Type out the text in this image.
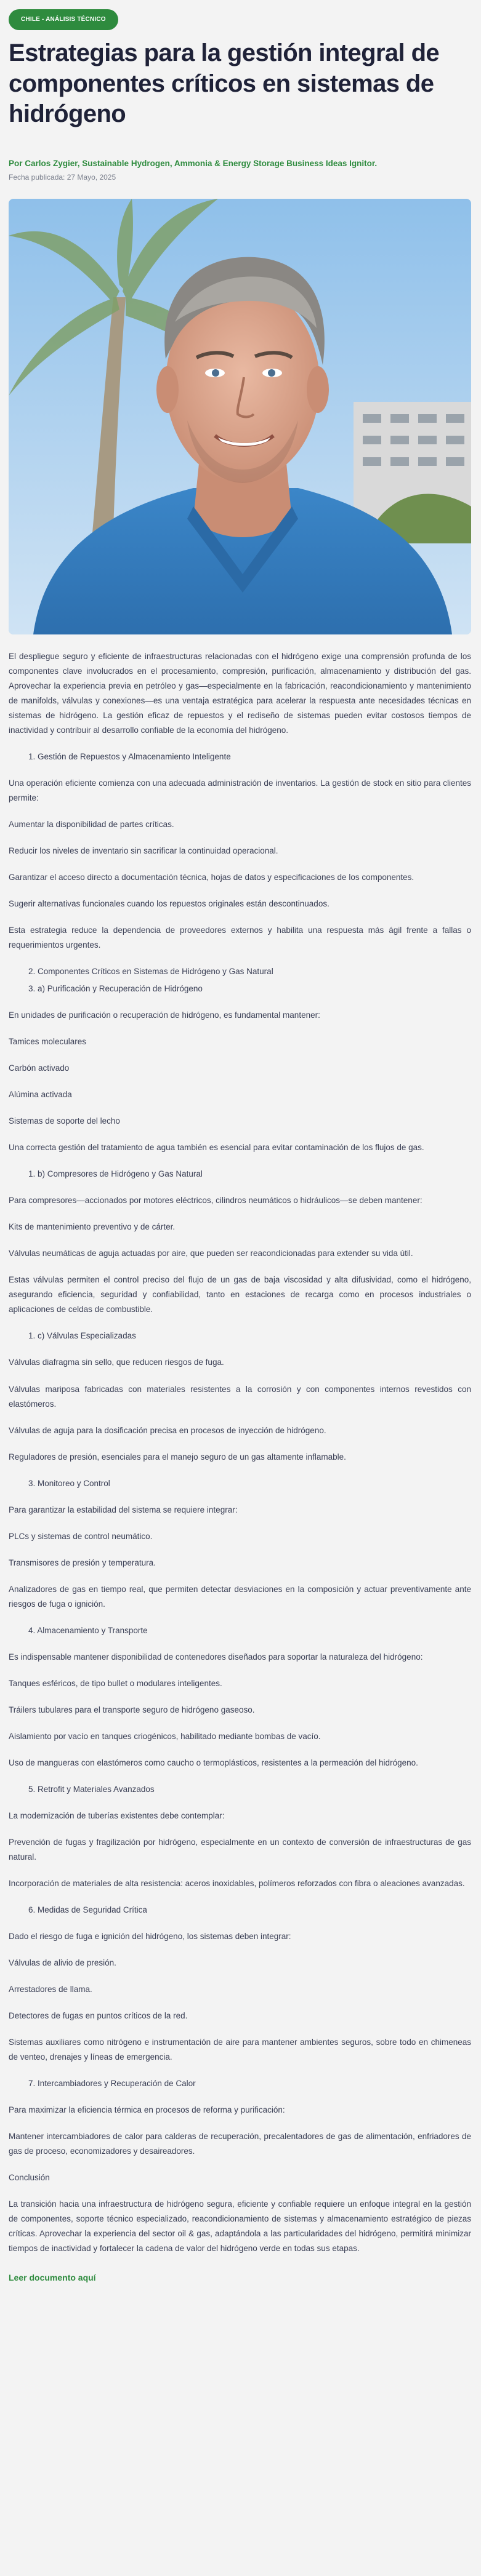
CHILE - ANÁLISIS TÉCNICO
Estrategias para la gestión integral de componentes críticos en sistemas de hidrógeno
Por Carlos Zygier, Sustainable Hydrogen, Ammonia & Energy Storage Business Ideas Ignitor.
Fecha publicada: 27 Mayo, 2025

El despliegue seguro y eficiente de infraestructuras relacionadas con el hidrógeno exige una comprensión profunda de los componentes clave involucrados en el procesamiento, compresión, purificación, almacenamiento y distribución del gas. Aprovechar la experiencia previa en petróleo y gas—especialmente en la fabricación, reacondicionamiento y mantenimiento de manifolds, válvulas y conexiones—es una ventaja estratégica para acelerar la respuesta ante necesidades técnicas en sistemas de hidrógeno. La gestión eficaz de repuestos y el rediseño de sistemas pueden evitar costosos tiempos de inactividad y contribuir al desarrollo confiable de la economía del hidrógeno.

1. Gestión de Repuestos y Almacenamiento Inteligente

Una operación eficiente comienza con una adecuada administración de inventarios. La gestión de stock en sitio para clientes permite:

Aumentar la disponibilidad de partes críticas.

Reducir los niveles de inventario sin sacrificar la continuidad operacional.

Garantizar el acceso directo a documentación técnica, hojas de datos y especificaciones de los componentes.

Sugerir alternativas funcionales cuando los repuestos originales están descontinuados.

Esta estrategia reduce la dependencia de proveedores externos y habilita una respuesta más ágil frente a fallas o requerimientos urgentes.

2. Componentes Críticos en Sistemas de Hidrógeno y Gas Natural

3. a) Purificación y Recuperación de Hidrógeno

En unidades de purificación o recuperación de hidrógeno, es fundamental mantener:

Tamices moleculares

Carbón activado

Alúmina activada

Sistemas de soporte del lecho

Una correcta gestión del tratamiento de agua también es esencial para evitar contaminación de los flujos de gas.

1. b) Compresores de Hidrógeno y Gas Natural

Para compresores—accionados por motores eléctricos, cilindros neumáticos o hidráulicos—se deben mantener:

Kits de mantenimiento preventivo y de cárter.

Válvulas neumáticas de aguja actuadas por aire, que pueden ser reacondicionadas para extender su vida útil.

Estas válvulas permiten el control preciso del flujo de un gas de baja viscosidad y alta difusividad, como el hidrógeno, asegurando eficiencia, seguridad y confiabilidad, tanto en estaciones de recarga como en procesos industriales o aplicaciones de celdas de combustible.

1. c) Válvulas Especializadas

Válvulas diafragma sin sello, que reducen riesgos de fuga.

Válvulas mariposa fabricadas con materiales resistentes a la corrosión y con componentes internos revestidos con elastómeros.

Válvulas de aguja para la dosificación precisa en procesos de inyección de hidrógeno.

Reguladores de presión, esenciales para el manejo seguro de un gas altamente inflamable.

3. Monitoreo y Control

Para garantizar la estabilidad del sistema se requiere integrar:

PLCs y sistemas de control neumático.

Transmisores de presión y temperatura.

Analizadores de gas en tiempo real, que permiten detectar desviaciones en la composición y actuar preventivamente ante riesgos de fuga o ignición.

4. Almacenamiento y Transporte

Es indispensable mantener disponibilidad de contenedores diseñados para soportar la naturaleza del hidrógeno:

Tanques esféricos, de tipo bullet o modulares inteligentes.

Tráilers tubulares para el transporte seguro de hidrógeno gaseoso.

Aislamiento por vacío en tanques criogénicos, habilitado mediante bombas de vacío.

Uso de mangueras con elastómeros como caucho o termoplásticos, resistentes a la permeación del hidrógeno.

5. Retrofit y Materiales Avanzados

La modernización de tuberías existentes debe contemplar:

Prevención de fugas y fragilización por hidrógeno, especialmente en un contexto de conversión de infraestructuras de gas natural.

Incorporación de materiales de alta resistencia: aceros inoxidables, polímeros reforzados con fibra o aleaciones avanzadas.

6. Medidas de Seguridad Crítica

Dado el riesgo de fuga e ignición del hidrógeno, los sistemas deben integrar:

Válvulas de alivio de presión.

Arrestadores de llama.

Detectores de fugas en puntos críticos de la red.

Sistemas auxiliares como nitrógeno e instrumentación de aire para mantener ambientes seguros, sobre todo en chimeneas de venteo, drenajes y líneas de emergencia.

7. Intercambiadores y Recuperación de Calor

Para maximizar la eficiencia térmica en procesos de reforma y purificación:

Mantener intercambiadores de calor para calderas de recuperación, precalentadores de gas de alimentación, enfriadores de gas de proceso, economizadores y desaireadores.

Conclusión

La transición hacia una infraestructura de hidrógeno segura, eficiente y confiable requiere un enfoque integral en la gestión de componentes, soporte técnico especializado, reacondicionamiento de sistemas y almacenamiento estratégico de piezas críticas. Aprovechar la experiencia del sector oil & gas, adaptándola a las particularidades del hidrógeno, permitirá minimizar tiempos de inactividad y fortalecer la cadena de valor del hidrógeno verde en todas sus etapas.

Leer documento aquí
